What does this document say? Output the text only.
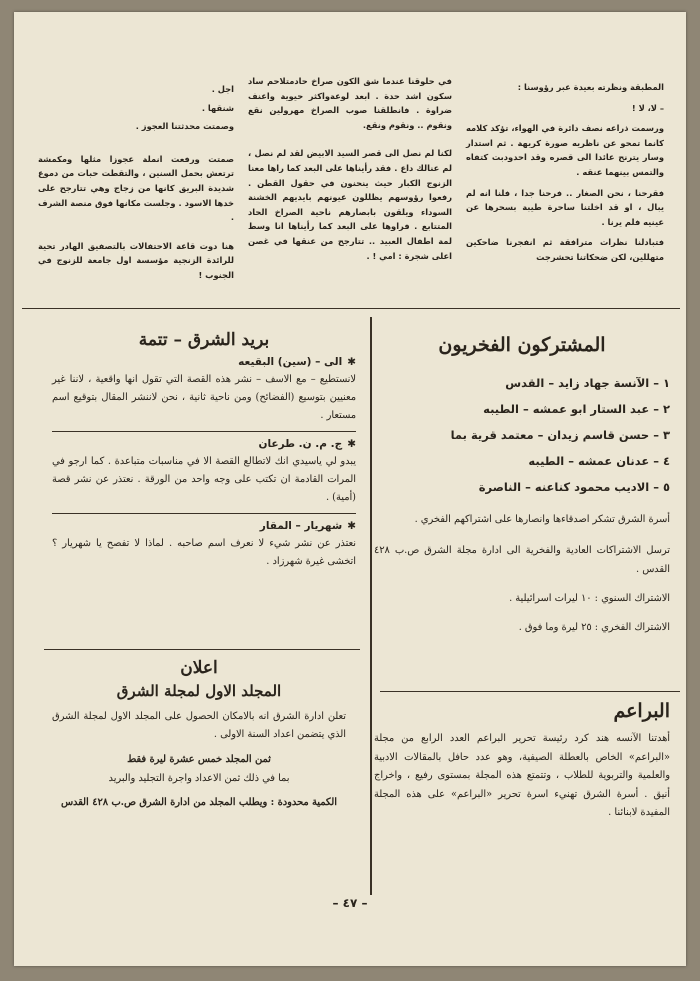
المطبقة ونظرته بعيدة عبر رؤوسنا :

– لا، لا !

ورسمت ذراعه نصف دائرة في الهواء، تؤكد كلامه كانما تمحو عن ناظريه صورة كريهة . ثم استدار وسار يترنح عائدا الى قصره وقد احدودبت كتفاه والتمس بينهما عنقه .

فقرحنا ، نحن الصغار .. فرحنا جدا ، فلنا انه لم يبال ، او قد اخلتنا ساحرة طيبة بسحرها عن عينيه فلم يرنا .

فتبادلنا نظرات مترافقة ثم انفجرنا ضاحكين متهللين، لكن ضحكاتنا تحشرجت

في حلوقنا عندما شق الكون صراخ حادمتلاحم ساد سكون اشد حدة . ابعد لوعةواكثر حيوية واعنف ضراوة . فانطلقنا صوب الصراخ مهرولين نقع ونقوم .. ونقوم ونقع.

لكنا لم نصل الى قصر السيد الابيض لقد لم نصل ، لم عنالك داع . فقد رأيناها على البعد كما راها معنا الزنوج الكبار حيث ينحنون في حقول القطن . رفعوا رؤوسهم يظللون عيونهم بايديهم الخشنة السوداء ويلقون بابصارهم ناحية الصراخ الحاد المتتابع . فراوها على البعد كما رأيناها انا وسط لمة اطفال العبيد .. تتارجح من عنقها في غصن اعلى شجرة : امي ! .

اجل .

شنقها .

وصمتت محدثتنا العجوز .

صمتت ورفعت انملة عجوزا مثلها ومكمشة ترتعش بحمل السنين ، والتقطت حبات من دموع شديدة البريق كانها من زجاج وهي تتارجح على خدها الاسود . وجلست مكانها فوق منصة الشرف .

هنا دوت قاعة الاحتفالات بالتصفيق الهادر تحية للرائدة الزنجية مؤسسة اول جامعة للزنوج في الجنوب !

المشتركون الفخريون
١ – الآنسة جهاد زايد – القدس
٢ – عبد الستار ابو عمشه – الطيبه
٣ – حسن قاسم زيدان – معتمد قرية بما
٤ – عدنان عمشه – الطيبه
٥ – الاديب محمود كناعنه – الناصرة

أسرة الشرق تشكر اصدقاءها وانصارها على اشتراكهم الفخري .

ترسل الاشتراكات العادية والفخرية الى ادارة مجلة الشرق ص.ب ٤٢٨ القدس .

الاشتراك السنوي : ١٠ ليرات اسرائيلية .

الاشتراك الفخري : ٢٥ ليرة وما فوق .

البراعم

أهدتنا الآنسه هند كرد رئيسة تحرير البراعم العدد الرابع من مجلة «البراعم» الخاص بالعطلة الصيفية، وهو عدد حافل بالمقالات الادبية والعلمية والتربوية للطلاب ، وتتمتع هذه المجلة بمستوى رفيع ، واخراج أنيق . أسرة الشرق تهنيء اسرة تحرير «البراعم» على هذه المجلة المفيدة لابنائنا .

بريد الشرق – تتمة
✱الى – (سين) البقيعه

لانستطيع – مع الاسف – نشر هذه القصة التي تقول انها واقعية ، لاننا غير معنيين بتوسيع (الفضائح) ومن ناحية ثانية ، نحن لاننشر المقال بتوقيع اسم مستعار .

✱ج. م. ن. طرعان

يبدو لي ياسيدي انك لاتطالع القصة الا في مناسبات متباعدة . كما ارجو في المرات القادمة ان تكتب على وجه واحد من الورقة . نعتذر عن نشر قصة (أمية) .

✱شهريار – المقار

نعتذر عن نشر شيء لا نعرف اسم صاحبه . لماذا لا تفصح يا شهريار ؟ اتخشى غيرة شهرزاد .

اعلان
المجلد الاول لمجلة الشرق

تعلن ادارة الشرق انه بالامكان الحصول على المجلد الاول لمجلة الشرق الذي يتضمن اعداد السنة الاولى .

ثمن المجلد خمس عشرة ليرة فقط

بما في ذلك ثمن الاعداد واجرة التجليد والبريد

الكمية محدودة : ويطلب المجلد من ادارة الشرق ص.ب ٤٢٨ القدس

– ٤٧ –
